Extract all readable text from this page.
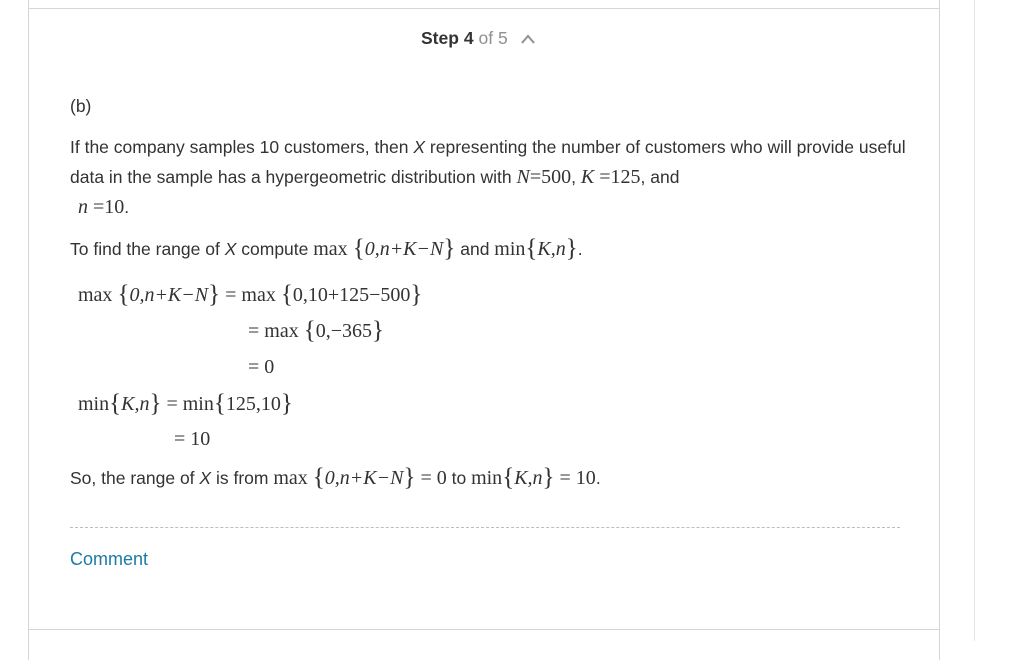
Step 4 of 5
(b)
If the company samples 10 customers, then X representing the number of customers who will provide useful data in the sample has a hypergeometric distribution with N=500, K =125, and
n =10.
To find the range of X compute max {0,n+K−N} and min{K,n}.
max {0,n+K−N} = max {0,10+125−500}
= max {0,−365}
= 0
min{K,n} = min{125,10}
= 10
So, the range of X is from max {0,n+K−N} = 0 to min{K,n} = 10.
Comment
